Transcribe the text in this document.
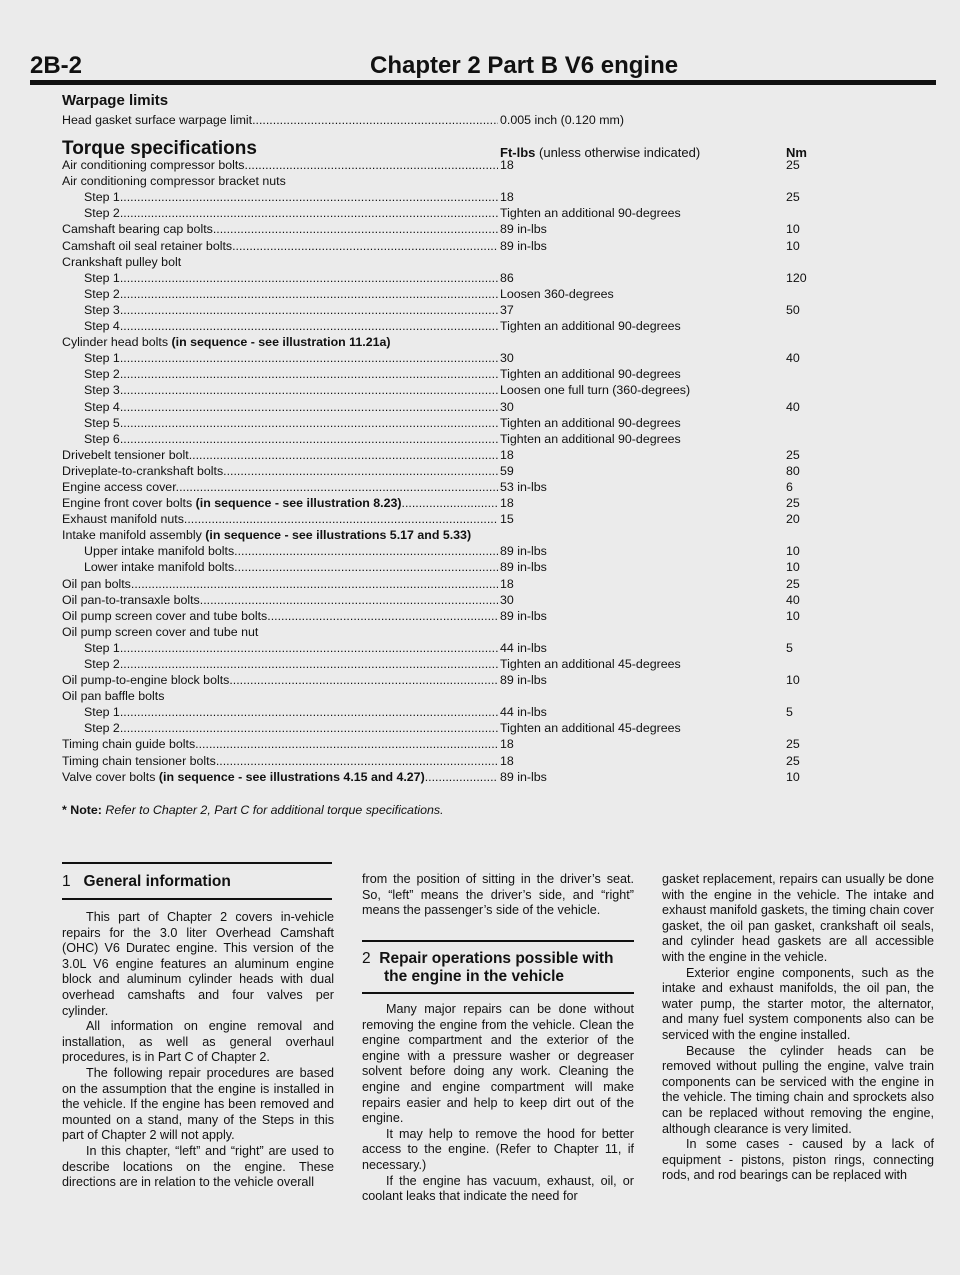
2B-2	Chapter 2 Part B V6 engine
Warpage limits
Torque specifications	Ft-lbs (unless otherwise indicated)	Nm
Head gasket surface warpage limit .....	0.005 inch (0.120 mm)
Air conditioning compressor bolts .....	18	25
Air conditioning compressor bracket nuts
Step 1 .....	18	25
Step 2 .....	Tighten an additional 90-degrees
Camshaft bearing cap bolts .....	89 in-lbs	10
Camshaft oil seal retainer bolts .....	89 in-lbs	10
Crankshaft pulley bolt
Step 1 .....	86	120
Step 2 .....	Loosen 360-degrees
Step 3 .....	37	50
Step 4 .....	Tighten an additional 90-degrees
Cylinder head bolts (in sequence - see illustration 11.21a)
Step 1 .....	30	40
Step 2 .....	Tighten an additional 90-degrees
Step 3 .....	Loosen one full turn (360-degrees)
Step 4 .....	30	40
Step 5 .....	Tighten an additional 90-degrees
Step 6 .....	Tighten an additional 90-degrees
Drivebelt tensioner bolt .....	18	25
Driveplate-to-crankshaft bolts .....	59	80
Engine access cover .....	53 in-lbs	6
Engine front cover bolts (in sequence - see illustration 8.23) .....	18	25
Exhaust manifold nuts .....	15	20
Intake manifold assembly (in sequence - see illustrations 5.17 and 5.33)
Upper intake manifold bolts .....	89 in-lbs	10
Lower intake manifold bolts .....	89 in-lbs	10
Oil pan bolts .....	18	25
Oil pan-to-transaxle bolts .....	30	40
Oil pump screen cover and tube bolts .....	89 in-lbs	10
Oil pump screen cover and tube nut
Step 1 .....	44 in-lbs	5
Step 2 .....	Tighten an additional 45-degrees
Oil pump-to-engine block bolts .....	89 in-lbs	10
Oil pan baffle bolts
Step 1 .....	44 in-lbs	5
Step 2 .....	Tighten an additional 45-degrees
Timing chain guide bolts .....	18	25
Timing chain tensioner bolts .....	18	25
Valve cover bolts (in sequence - see illustrations 4.15 and 4.27) .....	89 in-lbs	10
* Note: Refer to Chapter 2, Part C for additional torque specifications.
1 General information

This part of Chapter 2 covers in-vehicle repairs for the 3.0 liter Overhead Camshaft (OHC) V6 Duratec engine. This version of the 3.0L V6 engine features an aluminum engine block and aluminum cylinder heads with dual overhead camshafts and four valves per cylinder.

All information on engine removal and installation, as well as general overhaul procedures, is in Part C of Chapter 2.

The following repair procedures are based on the assumption that the engine is installed in the vehicle. If the engine has been removed and mounted on a stand, many of the Steps in this part of Chapter 2 will not apply.

In this chapter, “left” and “right” are used to describe locations on the engine. These directions are in relation to the vehicle overall

from the position of sitting in the driver’s seat. So, “left” means the driver’s side, and “right” means the passenger’s side of the vehicle.

2 Repair operations possible with
the engine in the vehicle

Many major repairs can be done without removing the engine from the vehicle. Clean the engine compartment and the exterior of the engine with a pressure washer or degreaser solvent before doing any work. Cleaning the engine and engine compartment will make repairs easier and help to keep dirt out of the engine.

It may help to remove the hood for better access to the engine. (Refer to Chapter 11, if necessary.)

If the engine has vacuum, exhaust, oil, or coolant leaks that indicate the need for

gasket replacement, repairs can usually be done with the engine in the vehicle. The intake and exhaust manifold gaskets, the timing chain cover gasket, the oil pan gasket, crankshaft oil seals, and cylinder head gaskets are all accessible with the engine in the vehicle.

Exterior engine components, such as the intake and exhaust manifolds, the oil pan, the water pump, the starter motor, the alternator, and many fuel system components also can be serviced with the engine installed.

Because the cylinder heads can be removed without pulling the engine, valve train components can be serviced with the engine in the vehicle. The timing chain and sprockets also can be replaced without removing the engine, although clearance is very limited.

In some cases - caused by a lack of equipment - pistons, piston rings, connecting rods, and rod bearings can be replaced with
